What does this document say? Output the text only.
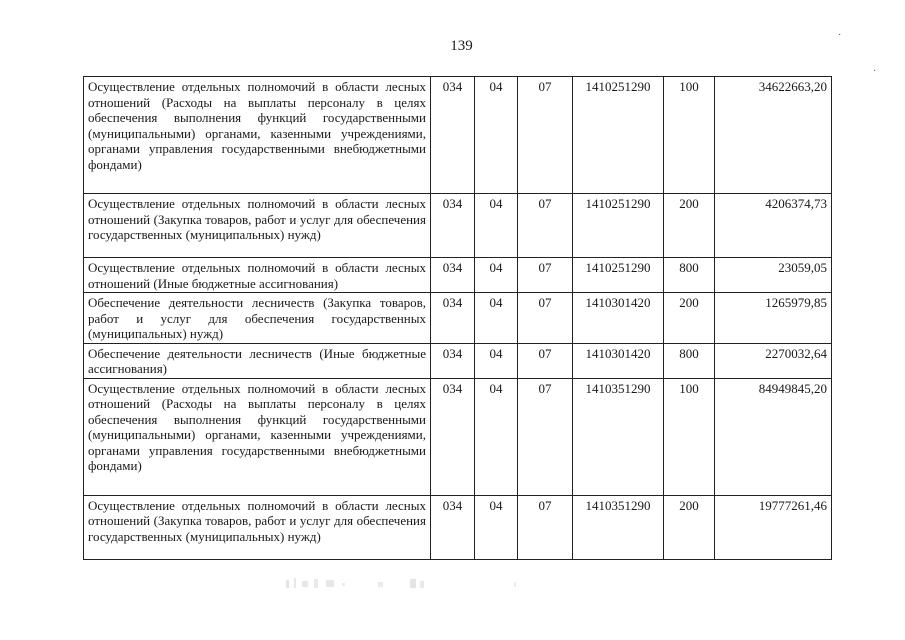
139
Осуществление отдельных полномочий в области лесных отношений (Расходы на выплаты персоналу в целях обеспечения выполнения функций государственными (муниципальными) органами, казенными учреждениями, органами управления государственными внебюджетными фондами)	034	04	07	1410251290	100	34622663,20
Осуществление отдельных полномочий в области лесных отношений (Закупка товаров, работ и услуг для обеспечения государственных (муниципальных) нужд)	034	04	07	1410251290	200	4206374,73
Осуществление отдельных полномочий в области лесных отношений (Иные бюджетные ассигнования)	034	04	07	1410251290	800	23059,05
Обеспечение деятельности лесничеств (Закупка товаров, работ и услуг для обеспечения государственных (муниципальных) нужд)	034	04	07	1410301420	200	1265979,85
Обеспечение деятельности лесничеств (Иные бюджетные ассигнования)	034	04	07	1410301420	800	2270032,64
Осуществление отдельных полномочий в области лесных отношений (Расходы на выплаты персоналу в целях обеспечения выполнения функций государственными (муниципальными) органами, казенными учреждениями, органами управления государственными внебюджетными фондами)	034	04	07	1410351290	100	84949845,20
Осуществление отдельных полномочий в области лесных отношений (Закупка товаров, работ и услуг для обеспечения государственных (муниципальных) нужд)	034	04	07	1410351290	200	19777261,46
·
·
